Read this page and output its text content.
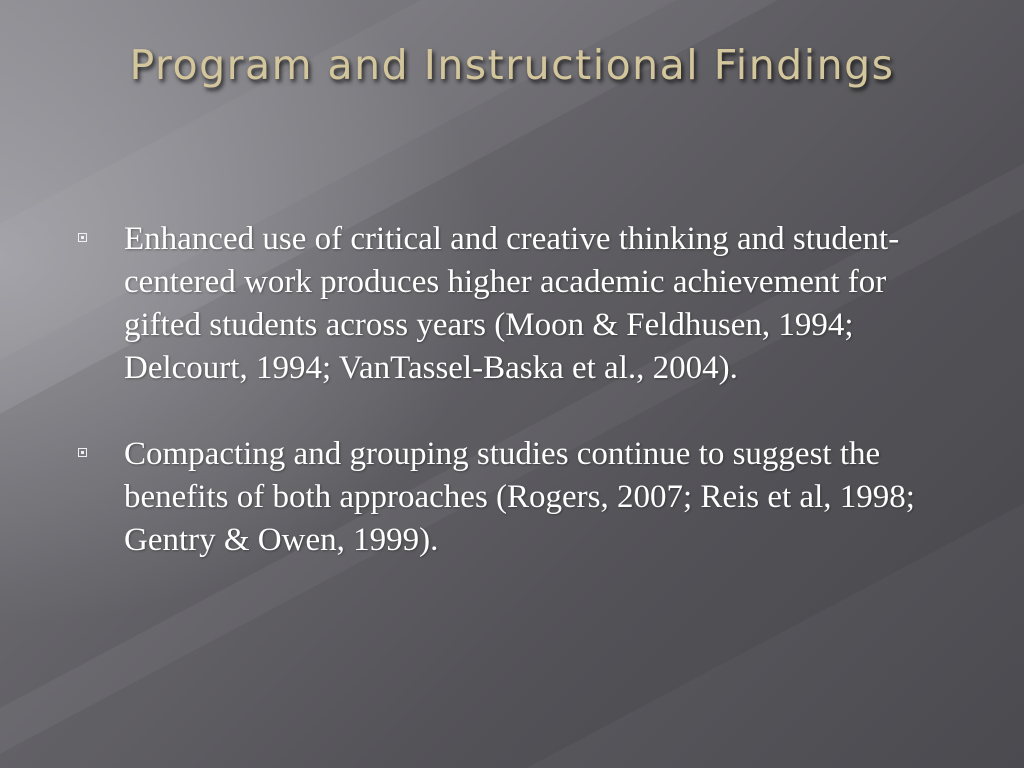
Program and Instructional Findings
Enhanced use of critical and creative thinking and student-centered work produces higher academic achievement for gifted students across years (Moon & Feldhusen, 1994; Delcourt, 1994; VanTassel-Baska et al., 2004).
Compacting and grouping studies continue to suggest the benefits of both approaches (Rogers, 2007; Reis et al, 1998; Gentry & Owen, 1999).
